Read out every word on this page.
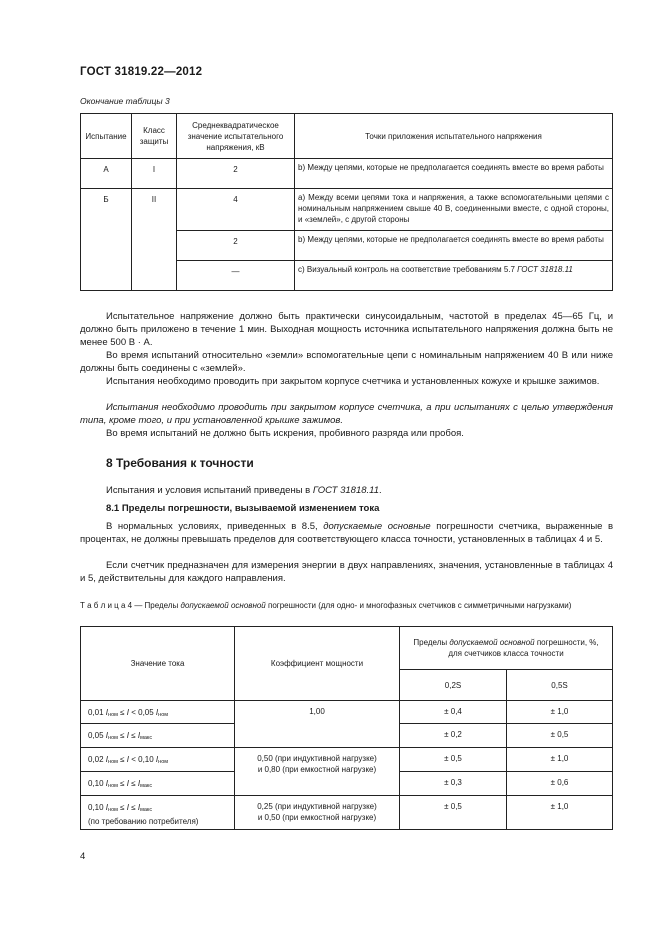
ГОСТ 31819.22—2012
Окончание таблицы 3
Испытание	Класс защиты	Среднеквадратическое значение испытательного напряжения, кВ	Точки приложения испытательного напряжения
А	I	2	b) Между цепями, которые не предполагается соединять вместе во время работы
Б	II	4	a) Между всеми цепями тока и напряжения, а также вспомогательными цепями с номинальным напряжением свыше 40 В, соединенными вместе, с одной стороны, и «землей», с другой стороны
		2	b) Между цепями, которые не предполагается соединять вместе во время работы
		—	c) Визуальный контроль на соответствие требованиям 5.7 ГОСТ 31818.11
Испытательное напряжение должно быть практически синусоидальным, частотой в пределах 45—65 Гц, и должно быть приложено в течение 1 мин. Выходная мощность источника испытательного напряжения должна быть не менее 500 В · А.
Во время испытаний относительно «земли» вспомогательные цепи с номинальным напряжением 40 В или ниже должны быть соединены с «землей».
Испытания необходимо проводить при закрытом корпусе счетчика и установленных кожухе и крышке зажимов.
Испытания необходимо проводить при закрытом корпусе счетчика, а при испытаниях с целью утверждения типа, кроме того, и при установленной крышке зажимов.
Во время испытаний не должно быть искрения, пробивного разряда или пробоя.
8 Требования к точности
Испытания и условия испытаний приведены в ГОСТ 31818.11.
8.1 Пределы погрешности, вызываемой изменением тока
В нормальных условиях, приведенных в 8.5, допускаемые основные погрешности счетчика, выраженные в процентах, не должны превышать пределов для соответствующего класса точности, установленных в таблицах 4 и 5.
Если счетчик предназначен для измерения энергии в двух направлениях, значения, установленные в таблицах 4 и 5, действительны для каждого направления.
Т а б л и ц а 4 — Пределы допускаемой основной погрешности (для одно- и многофазных счетчиков с симметричными нагрузками)
Значение тока	Коэффициент мощности	Пределы допускаемой основной погрешности, %, для счетчиков класса точности	
		0,2S	0,5S
0,01 Iном ≤ I < 0,05 Iном	1,00	± 0,4	± 1,0
0,05 Iном ≤ I ≤ Iмакс		± 0,2	± 0,5
0,02 Iном ≤ I < 0,10 Iном	0,50 (при индуктивной нагрузке) и 0,80 (при емкостной нагрузке)	± 0,5	± 1,0
0,10 Iном ≤ I ≤ Iмакс		± 0,3	± 0,6
0,10 Iном ≤ I ≤ Iмакс
(по требованию потребителя)	0,25 (при индуктивной нагрузке) и 0,50 (при емкостной нагрузке)	± 0,5	± 1,0
4
